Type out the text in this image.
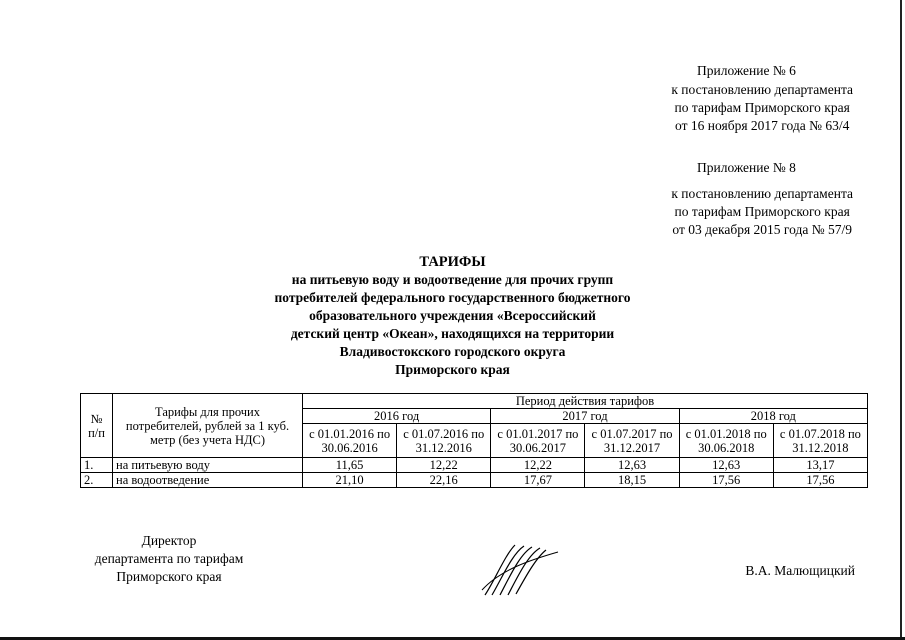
Приложение № 6
к постановлению департамента
по тарифам Приморского края
от 16 ноября 2017 года № 63/4
Приложение № 8
к постановлению департамента
по тарифам Приморского края
от 03 декабря 2015 года № 57/9
ТАРИФЫ
на питьевую воду и водоотведение для прочих групп
потребителей федерального государственного бюджетного
образовательного учреждения «Всероссийский
детский центр «Океан», находящихся на территории
Владивостокского городского округа
Приморского края
№ п/п	Тарифы для прочих потребителей, рублей за 1 куб. метр (без учета НДС)	Период действия тарифов					
		2016 год		2017 год		2018 год	
		с 01.01.2016 по 30.06.2016	с 01.07.2016 по 31.12.2016	с 01.01.2017 по 30.06.2017	с 01.07.2017 по 31.12.2017	с 01.01.2018 по 30.06.2018	с 01.07.2018 по 31.12.2018
1.	на питьевую воду	11,65	12,22	12,22	12,63	12,63	13,17
2.	на водоотведение	21,10	22,16	17,67	18,15	17,56	17,56
Директор
департамента по тарифам
Приморского края	В.А. Малющицкий
